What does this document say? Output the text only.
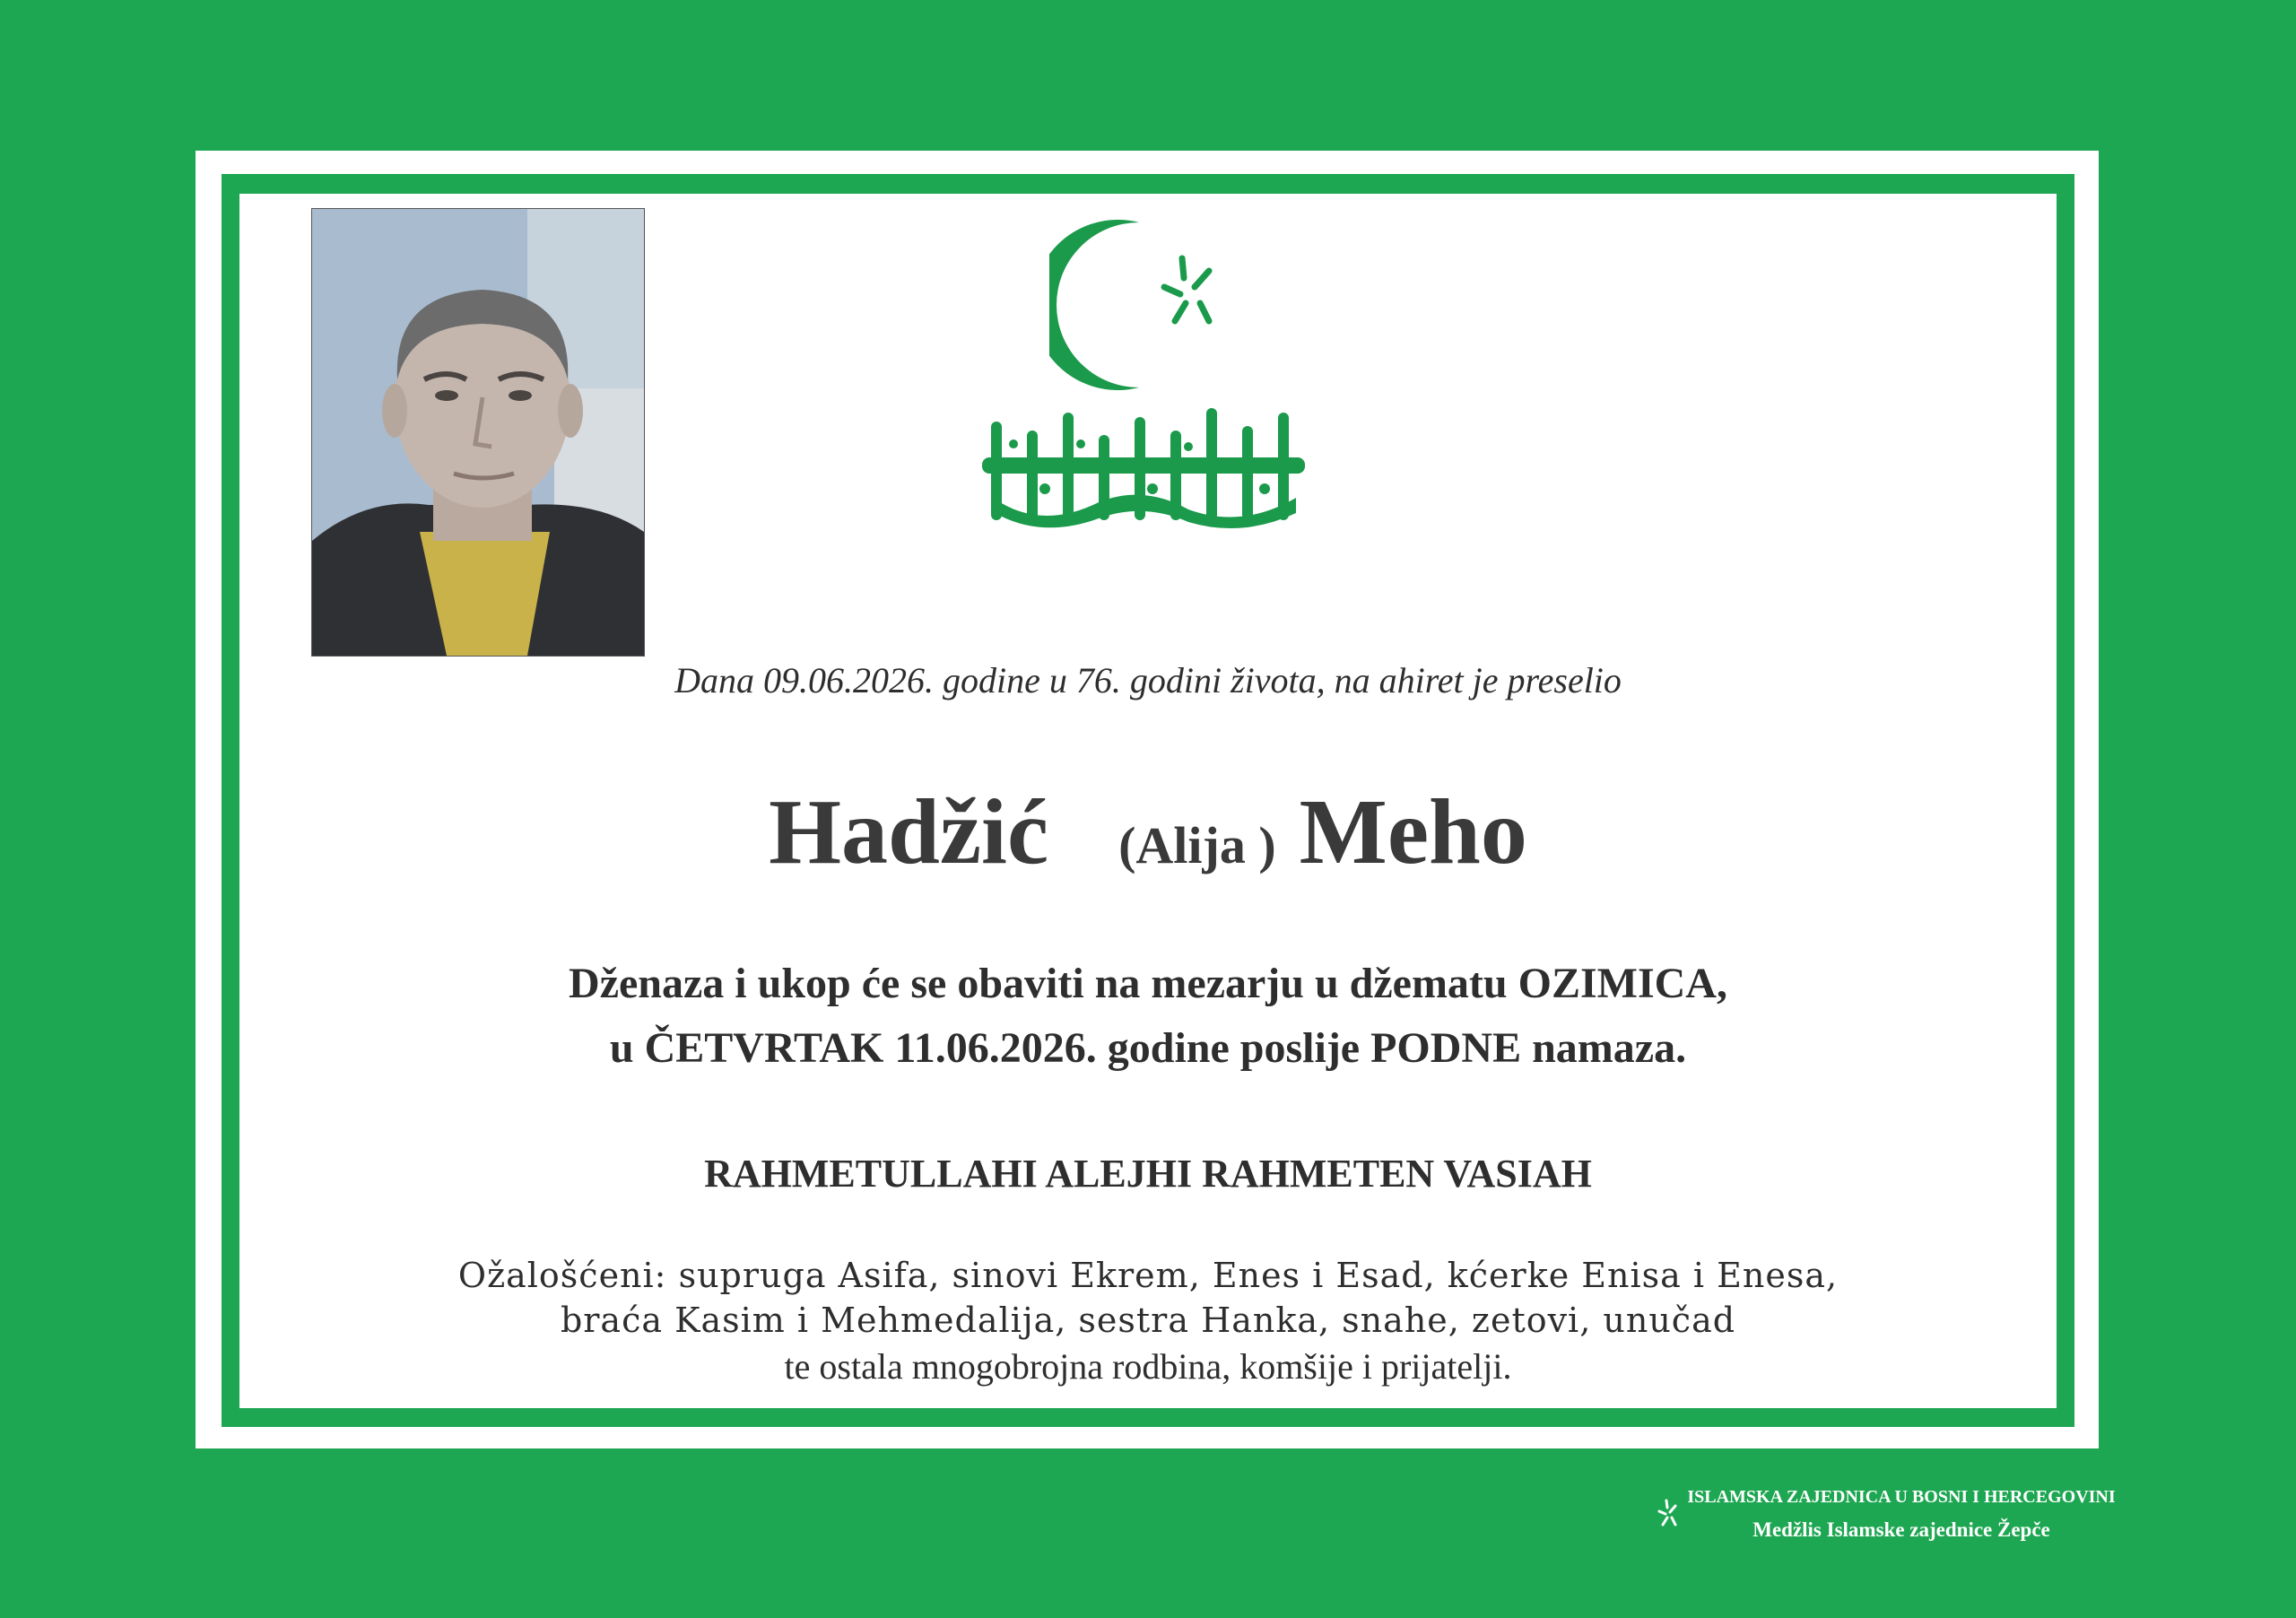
Dana 09.06.2026. godine u 76. godini života, na ahiret je preselio
Hadžić (Alija ) Meho
Dženaza i ukop će se obaviti na mezarju u džematu OZIMICA,
u ČETVRTAK 11.06.2026. godine poslije PODNE namaza.
RAHMETULLAHI ALEJHI RAHMETEN VASIAH
Ožalošćeni: supruga Asifa, sinovi Ekrem, Enes i Esad, kćerke Enisa i Enesa,
braća Kasim i Mehmedalija, sestra Hanka, snahe, zetovi, unučad
te ostala mnogobrojna rodbina, komšije i prijatelji.
ISLAMSKA ZAJEDNICA U BOSNI I HERCEGOVINI
Medžlis Islamske zajednice Žepče
